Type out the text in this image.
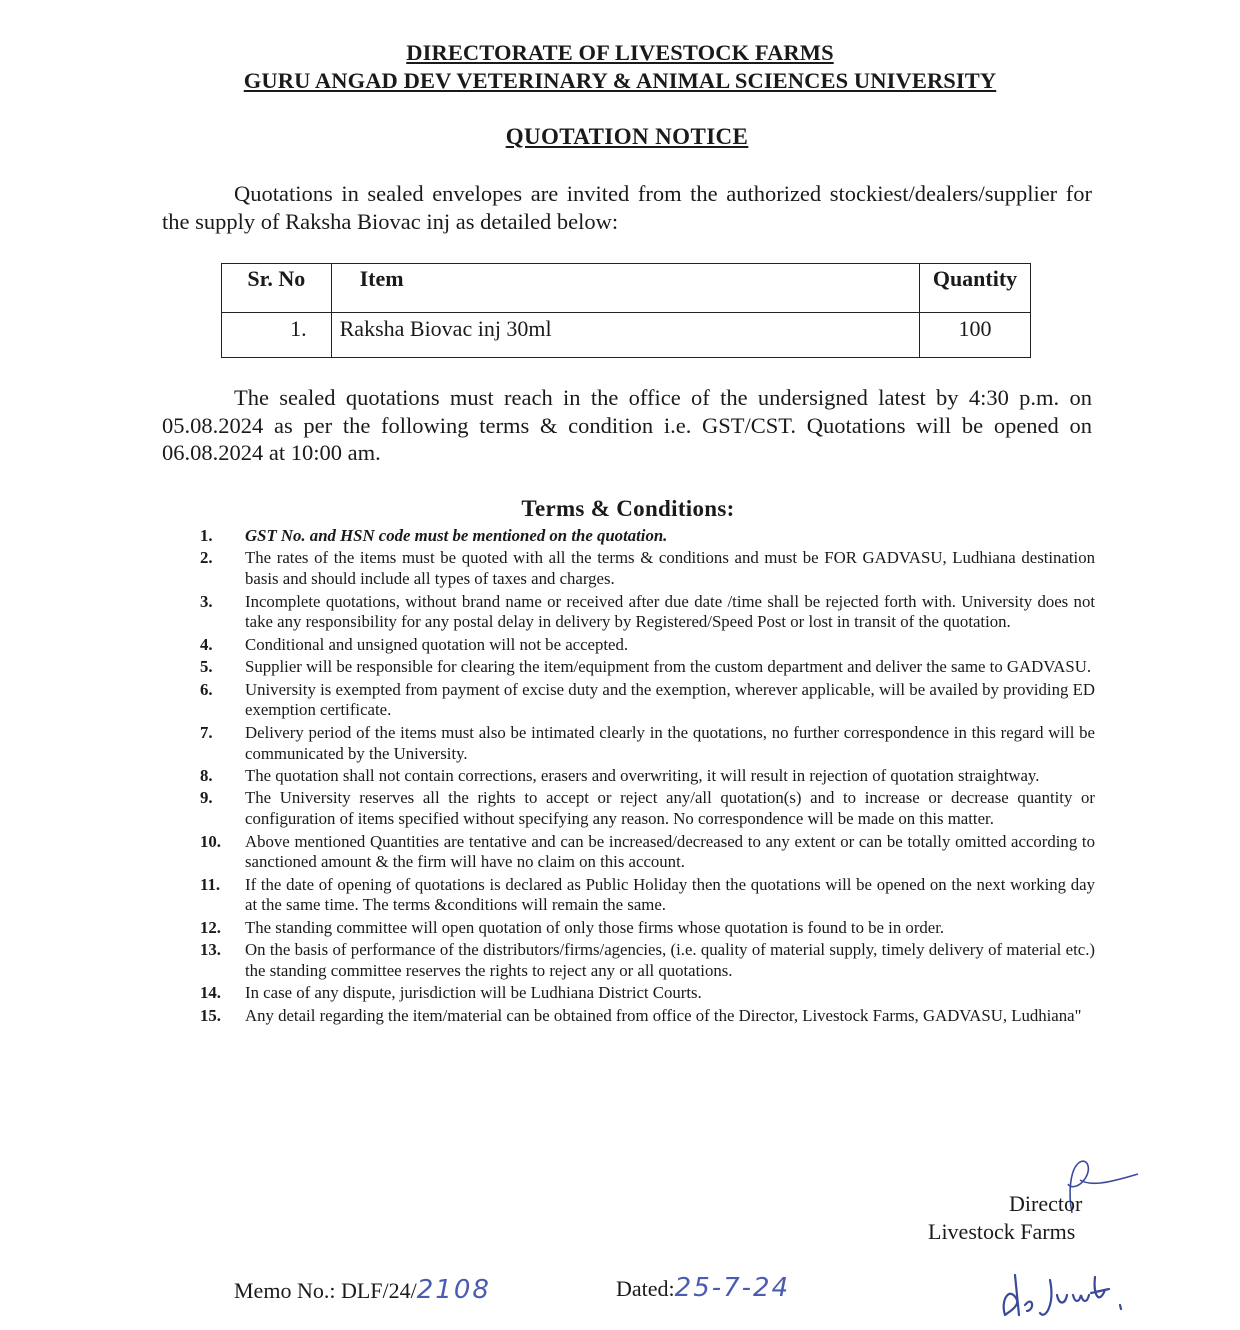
DIRECTORATE OF LIVESTOCK FARMS
GURU ANGAD DEV VETERINARY & ANIMAL SCIENCES UNIVERSITY
QUOTATION NOTICE
Quotations in sealed envelopes are invited from the authorized stockiest/dealers/supplier for the supply of Raksha Biovac inj as detailed below:
Sr. No	Item	Quantity
1.	Raksha Biovac inj 30ml	100
The sealed quotations must reach in the office of the undersigned latest by 4:30 p.m. on 05.08.2024 as per the following terms & condition i.e. GST/CST. Quotations will be opened on 06.08.2024 at 10:00 am.
Terms & Conditions:
1.	GST No. and HSN code must be mentioned on the quotation.
2.	The rates of the items must be quoted with all the terms & conditions and must be FOR GADVASU, Ludhiana destination basis and should include all types of taxes and charges.
3.	Incomplete quotations, without brand name or received after due date /time shall be rejected forth with. University does not take any responsibility for any postal delay in delivery by Registered/Speed Post or lost in transit of the quotation.
4.	Conditional and unsigned quotation will not be accepted.
5.	Supplier will be responsible for clearing the item/equipment from the custom department and deliver the same to GADVASU.
6.	University is exempted from payment of excise duty and the exemption, wherever applicable, will be availed by providing ED exemption certificate.
7.	Delivery period of the items must also be intimated clearly in the quotations, no further correspondence in this regard will be communicated by the University.
8.	The quotation shall not contain corrections, erasers and overwriting, it will result in rejection of quotation straightway.
9.	The University reserves all the rights to accept or reject any/all quotation(s) and to increase or decrease quantity or configuration of items specified without specifying any reason. No correspondence will be made on this matter.
10.	Above mentioned Quantities are tentative and can be increased/decreased to any extent or can be totally omitted according to sanctioned amount & the firm will have no claim on this account.
11.	If the date of opening of quotations is declared as Public Holiday then the quotations will be opened on the next working day at the same time. The terms &conditions will remain the same.
12.	The standing committee will open quotation of only those firms whose quotation is found to be in order.
13.	On the basis of performance of the distributors/firms/agencies, (i.e. quality of material supply, timely delivery of material etc.) the standing committee reserves the rights to reject any or all quotations.
14.	In case of any dispute, jurisdiction will be Ludhiana District Courts.
15.	Any detail regarding the item/material can be obtained from office of the Director, Livestock Farms, GADVASU, Ludhiana"
Director
Livestock Farms
Memo No.: DLF/24/2108	Dated:25-7-24
